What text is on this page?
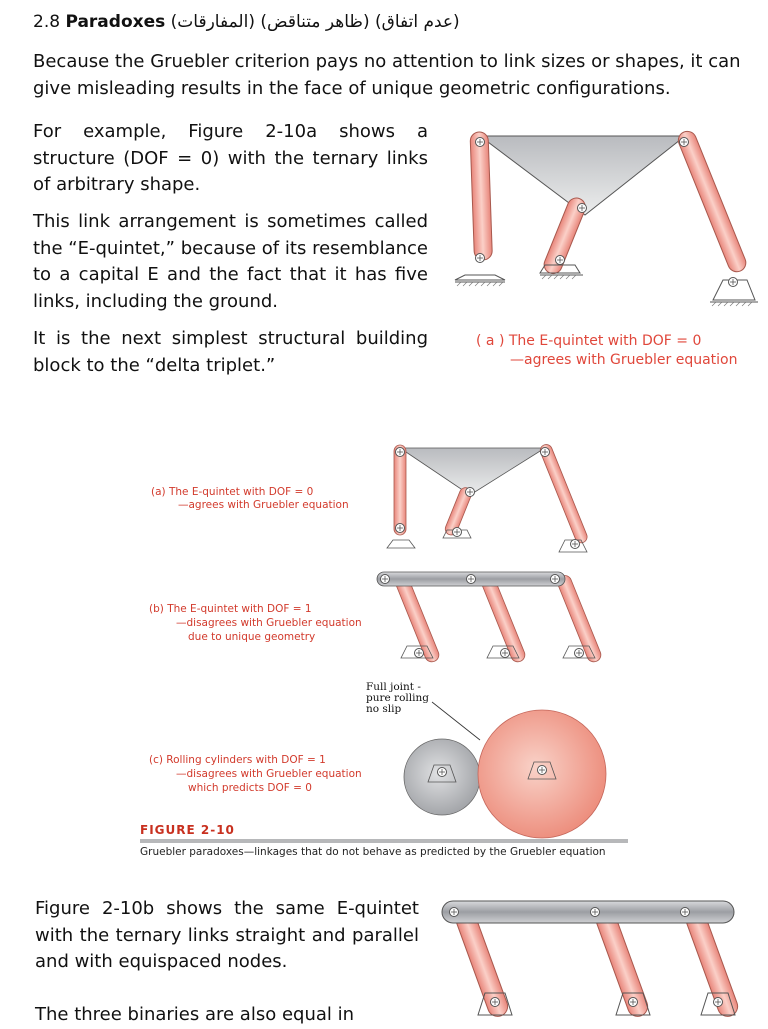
2.8 Paradoxes (المفارقات) (ظاهر متناقض) (عدم اتفاق)
Because the Gruebler criterion pays no attention to link sizes or shapes, it can give misleading results in the face of unique geometric configurations.
For example, Figure 2-10a shows a structure (DOF = 0) with the ternary links of arbitrary shape.
This link arrangement is sometimes called the “E-quintet,” because of its resemblance to a capital E and the fact that it has five links, including the ground.
It is the next simplest structural building block to the “delta triplet.”
( a ) The E-quintet with DOF = 0
—agrees with Gruebler equation
(a) The E-quintet with DOF = 0
—agrees with Gruebler equation
(b) The E-quintet with DOF = 1
—disagrees with Gruebler equation
due to unique geometry
Full joint -
pure rolling
no slip
(c) Rolling cylinders with DOF = 1
—disagrees with Gruebler equation
which predicts DOF = 0
FIGURE 2-10
Gruebler paradoxes—linkages that do not behave as predicted by the Gruebler equation
Figure 2-10b shows the same E-quintet with the ternary links straight and parallel and with equispaced nodes.
The three binaries are also equal in
